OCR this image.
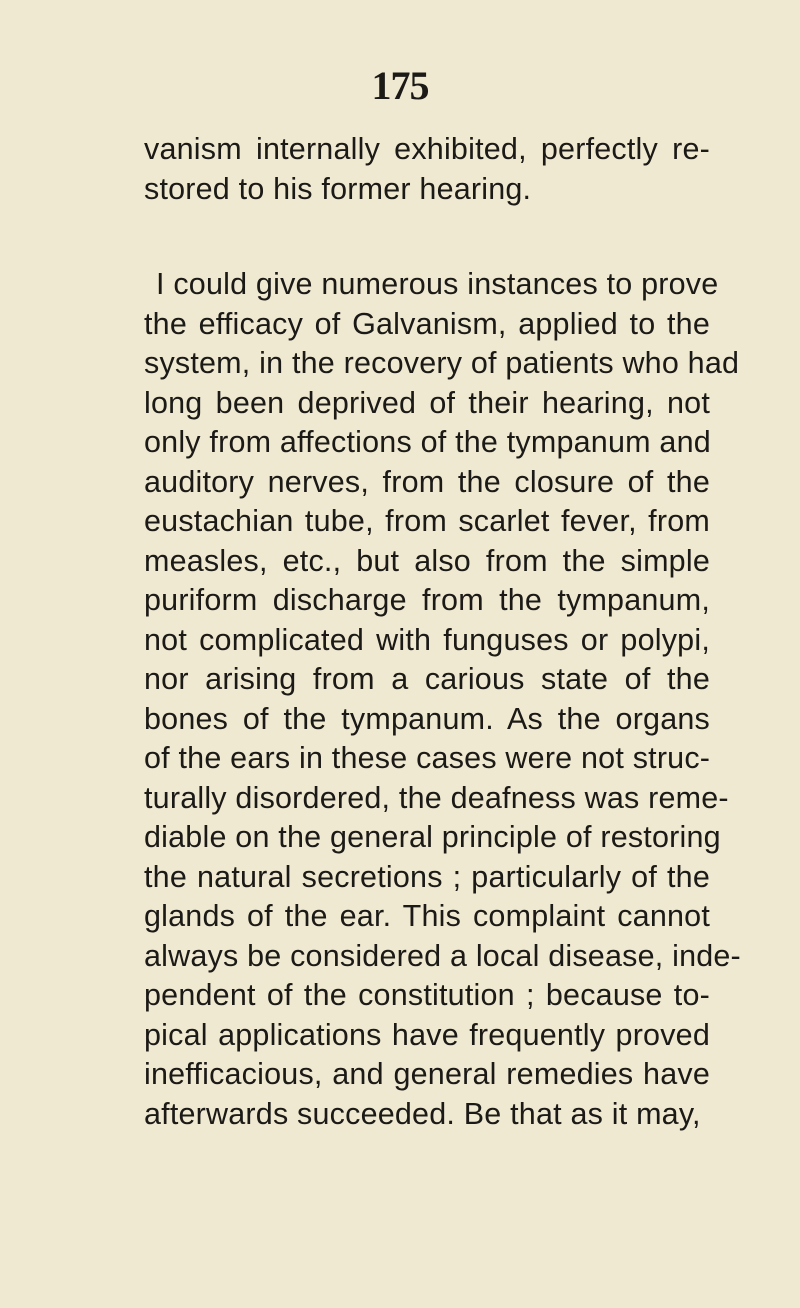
175
vanism internally exhibited, perfectly re-
stored to his former hearing.
I could give numerous instances to prove
the efficacy of Galvanism, applied to the
system, in the recovery of patients who had
long been deprived of their hearing, not
only from affections of the tympanum and
auditory nerves, from the closure of the
eustachian tube, from scarlet fever, from
measles, etc., but also from the simple
puriform discharge from the tympanum,
not complicated with funguses or polypi,
nor arising from a carious state of the
bones of the tympanum. As the organs
of the ears in these cases were not struc-
turally disordered, the deafness was reme-
diable on the general principle of restoring
the natural secretions ; particularly of the
glands of the ear. This complaint cannot
always be considered a local disease, inde-
pendent of the constitution ; because to-
pical applications have frequently proved
inefficacious, and general remedies have
afterwards succeeded. Be that as it may,
